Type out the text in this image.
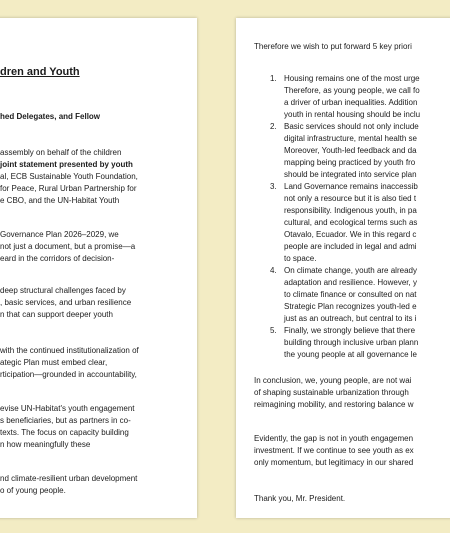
dren and Youth
hed Delegates, and Fellow
assembly on behalf of the children
joint statement presented by youth
al, ECB Sustainable Youth Foundation,
for Peace, Rural Urban Partnership for
e CBO, and the UN-Habitat Youth
Governance Plan 2026–2029, we
not just a document, but a promise—a
eard in the corridors of decision-
deep structural challenges faced by
, basic services, and urban resilience
n that can support deeper youth
with the continued institutionalization of
ategic Plan must embed clear,
rticipation—grounded in accountability,
evise UN-Habitat's youth engagement
s beneficiaries, but as partners in co-
texts. The focus on capacity building
n how meaningfully these
nd climate-resilient urban development
o of young people.
Therefore we wish to put forward 5 key priori
1. Housing remains one of the most urge
Therefore, as young people, we call fo
a driver of urban inequalities. Addition
youth in rental housing should be inclu
2. Basic services should not only include
digital infrastructure, mental health se
Moreover, Youth-led feedback and da
mapping being practiced by youth fro
should be integrated into service plan
3. Land Governance remains inaccessib
not only a resource but it is also tied t
responsibility. Indigenous youth, in pa
cultural, and ecological terms such as
Otavalo, Ecuador. We in this regard c
people are included in legal and admi
to space.
4. On climate change, youth are already
adaptation and resilience. However, y
to climate finance or consulted on nat
Strategic Plan recognizes youth-led e
just as an outreach, but central to its i
5. Finally, we strongly believe that there
building through inclusive urban plann
the young people at all governance le
In conclusion, we, young people, are not wai
of shaping sustainable urbanization through
reimagining mobility, and restoring balance w
Evidently, the gap is not in youth engagemen
investment. If we continue to see youth as ex
only momentum, but legitimacy in our shared
Thank you, Mr. President.
